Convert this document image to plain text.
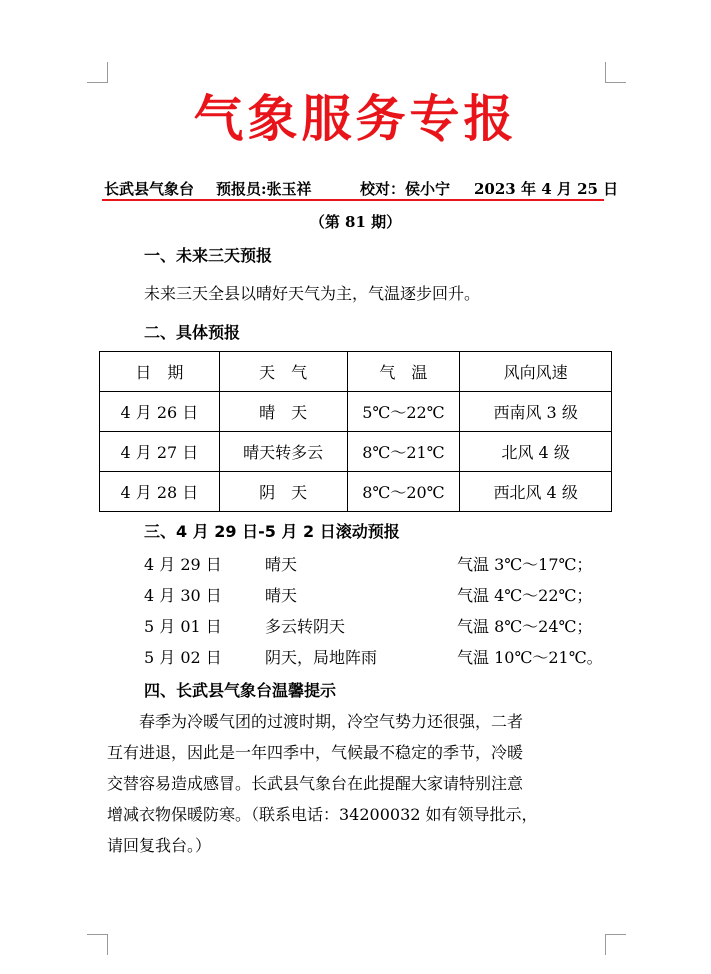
气象服务专报
长武县气象台 预报员:张玉祥	校对：侯小宁 2023 年 4 月 25 日
（第 81 期）
一、未来三天预报
未来三天全县以晴好天气为主，气温逐步回升。
二、具体预报
日　期	天　气	气　温	风向风速
4 月 26 日	晴　天	5℃～22℃	西南风 3 级
4 月 27 日	晴天转多云	8℃～21℃	北风 4 级
4 月 28 日	阴　天	8℃～20℃	西北风 4 级
三、4 月 29 日-5 月 2 日滚动预报
4 月 29 日	晴天	气温 3℃～17℃；
4 月 30 日	晴天	气温 4℃～22℃；
5 月 01 日	多云转阴天	气温 8℃～24℃；
5 月 02 日	阴天，局地阵雨	气温 10℃～21℃。
四、长武县气象台温馨提示

　　春季为冷暖气团的过渡时期，冷空气势力还很强，二者

互有进退，因此是一年四季中，气候最不稳定的季节，冷暖

交替容易造成感冒。长武县气象台在此提醒大家请特别注意

增减衣物保暖防寒。（联系电话：34200032 如有领导批示，

请回复我台。）
